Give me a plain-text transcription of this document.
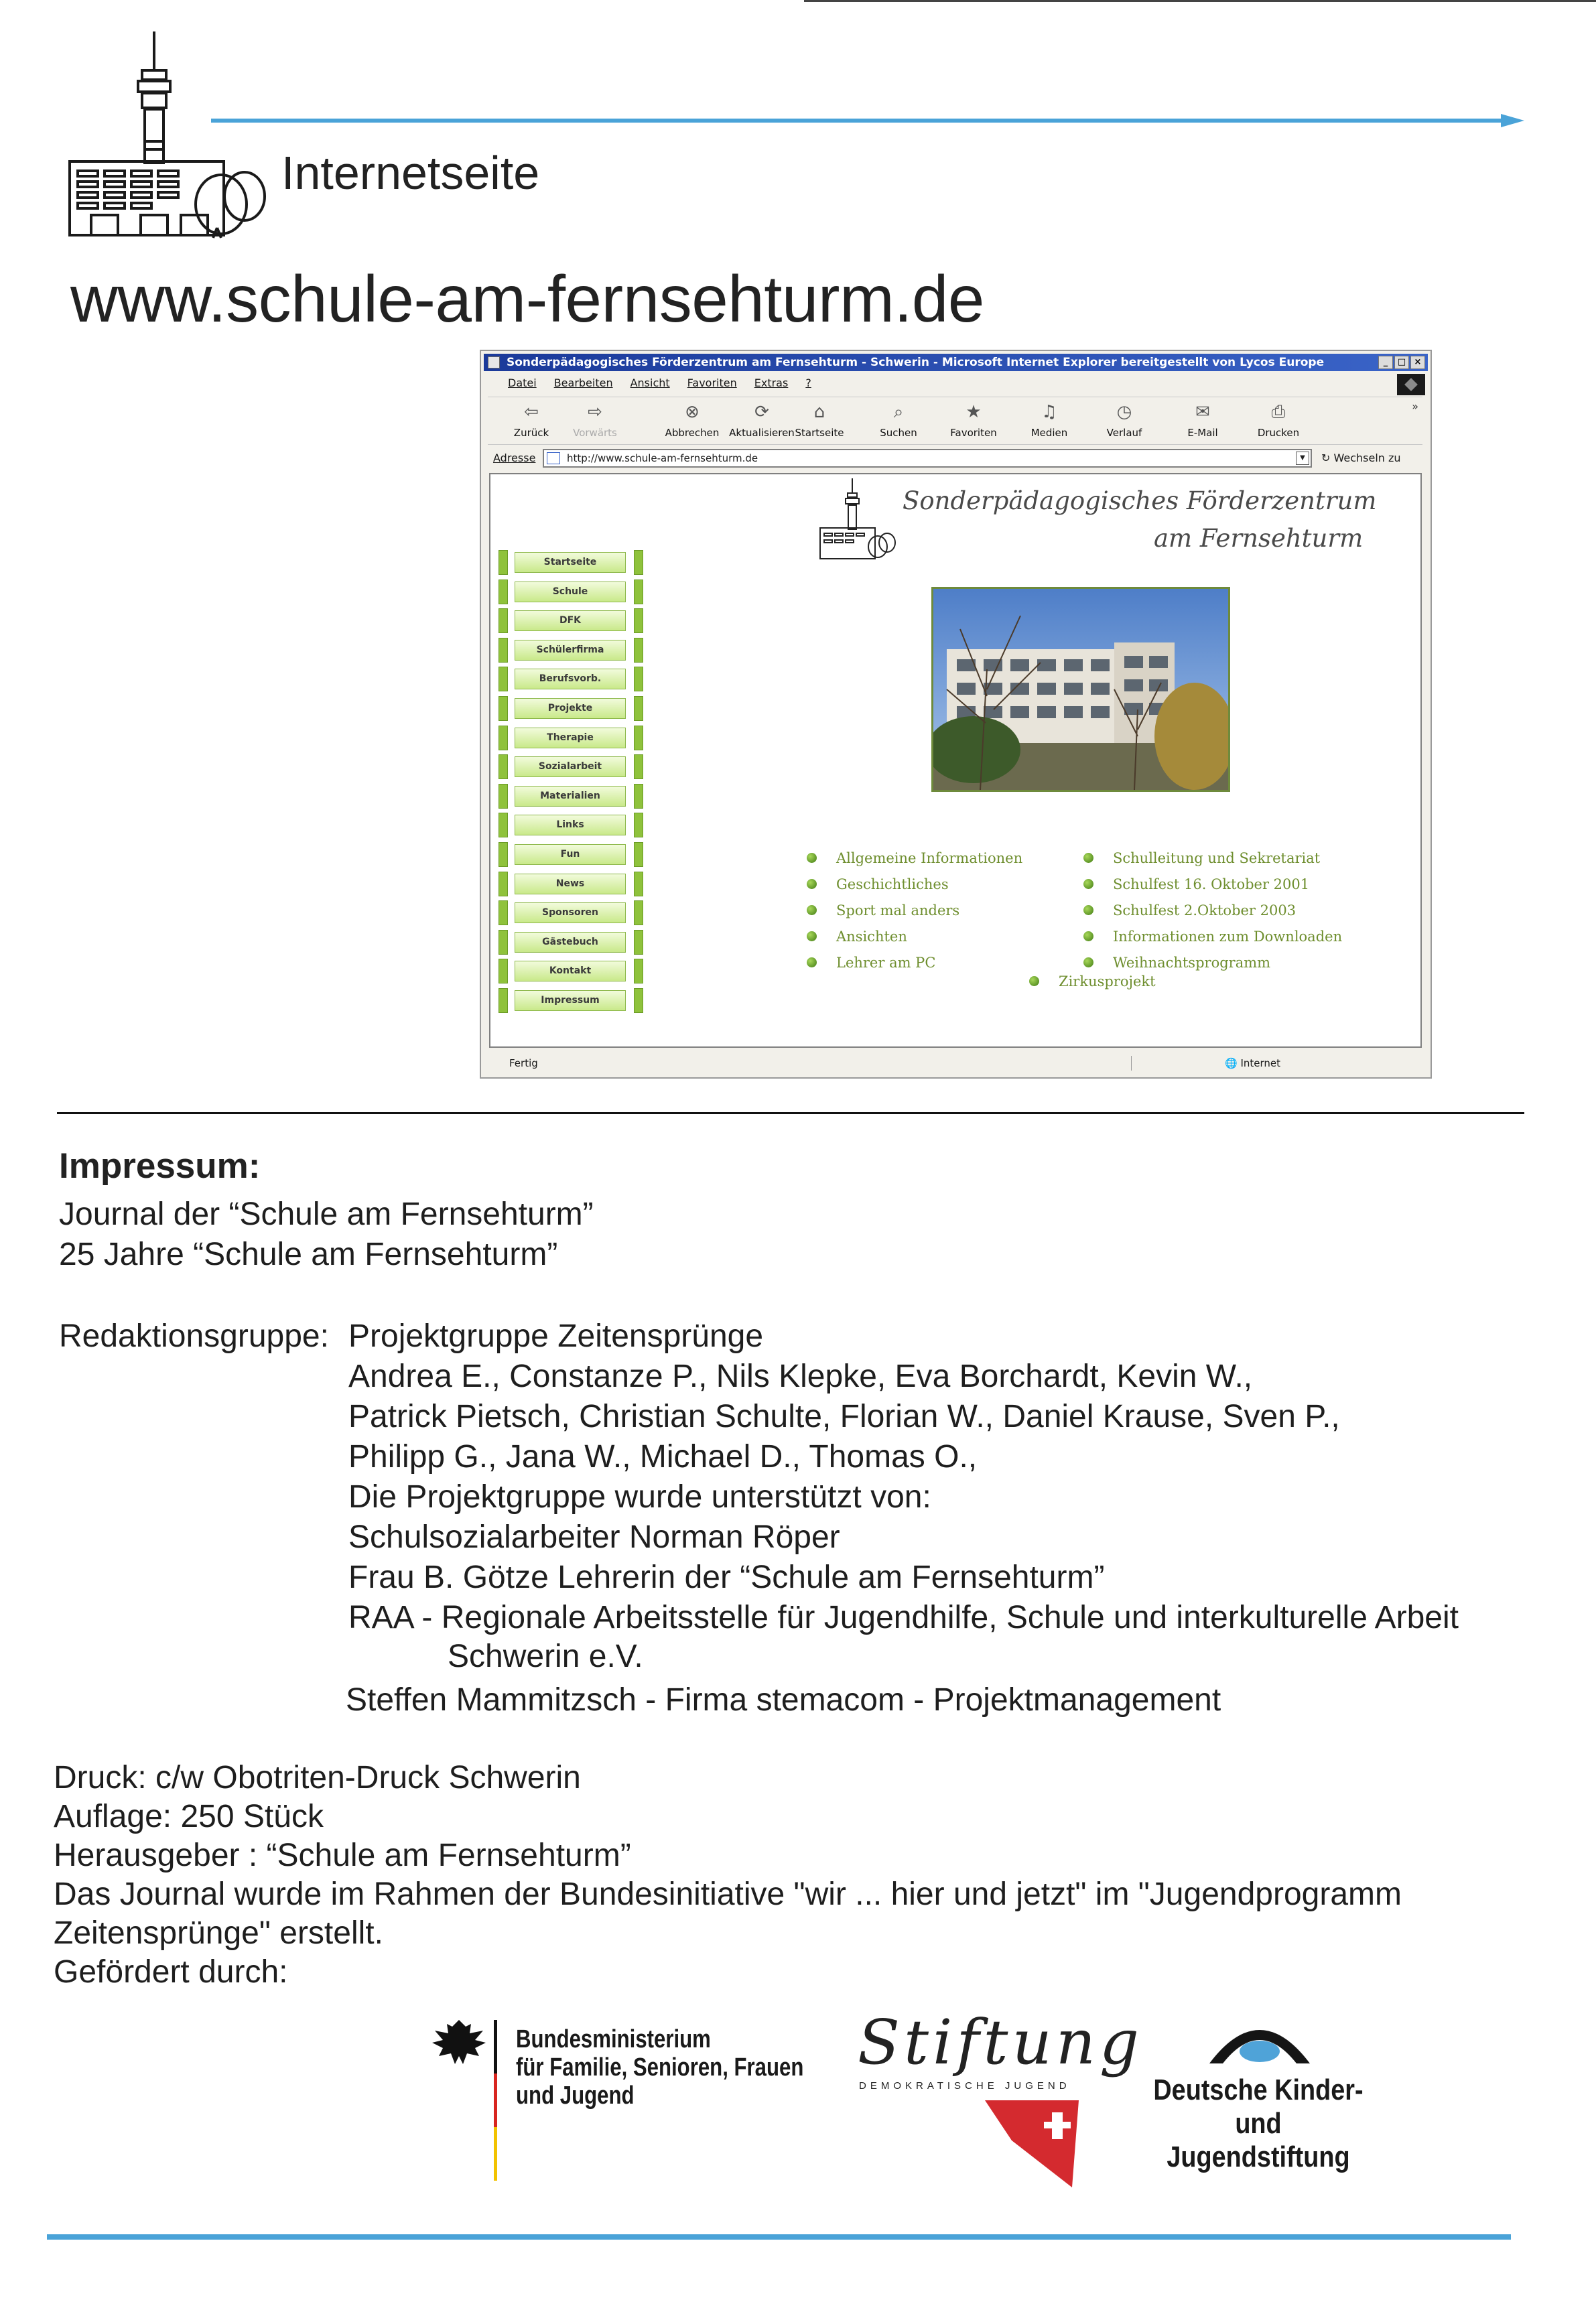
Internetseite
www.schule-am-fernsehturm.de
Sonderpädagogisches Förderzentrum am Fernsehturm - Schwerin - Microsoft Internet Explorer bereitgestellt von Lycos Europe	_	□ ×
Datei Bearbeiten Ansicht Favoriten Extras ?
⇦
Zurück
⇨
Vorwärts
⊗
Abbrechen
⟳
Aktualisieren
⌂
Startseite
⌕
Suchen
★
Favoriten
♫
Medien
◷
Verlauf
✉
E-Mail
⎙
Drucken
»
Adresse	http://www.schule-am-fernsehturm.de	▼	↻ Wechseln zu
Sonderpädagogisches Förderzentrum
am Fernsehturm
Startseite
Schule
DFK
Schülerfirma
Berufsvorb.
Projekte
Therapie
Sozialarbeit
Materialien
Links
Fun
News
Sponsoren
Gästebuch
Kontakt
Impressum
Allgemeine Informationen
Geschichtliches
Sport mal anders
Ansichten
Lehrer am PC
Schulleitung und Sekretariat
Schulfest 16. Oktober 2001
Schulfest 2.Oktober 2003
Informationen zum Downloaden
Weihnachtsprogramm
Zirkusprojekt
Fertig	🌐 Internet
Impressum:
Journal der “Schule am Fernsehturm”
25 Jahre “Schule am Fernsehturm”
Redaktionsgruppe: Projektgruppe Zeitensprünge
Andrea E., Constanze P., Nils Klepke, Eva Borchardt, Kevin W.,
Patrick Pietsch, Christian Schulte, Florian W., Daniel Krause, Sven P.,
Philipp G., Jana W., Michael D., Thomas O.,
Die Projektgruppe wurde unterstützt von:
Schulsozialarbeiter Norman Röper
Frau B. Götze Lehrerin der “Schule am Fernsehturm”
RAA - Regionale Arbeitsstelle für Jugendhilfe, Schule und interkulturelle Arbeit
Schwerin e.V.
Steffen Mammitzsch - Firma stemacom - Projektmanagement
Druck: c/w Obotriten-Druck Schwerin
Auflage: 250 Stück
Herausgeber : “Schule am Fernsehturm”
Das Journal wurde im Rahmen der Bundesinitiative "wir ... hier und jetzt" im "Jugendprogramm
Zeitensprünge" erstellt.
Gefördert durch:
Bundesministerium
für Familie, Senioren, Frauen
und Jugend
Stiftung
DEMOKRATISCHE JUGEND	Deutsche Kinder- und
Jugendstiftung
